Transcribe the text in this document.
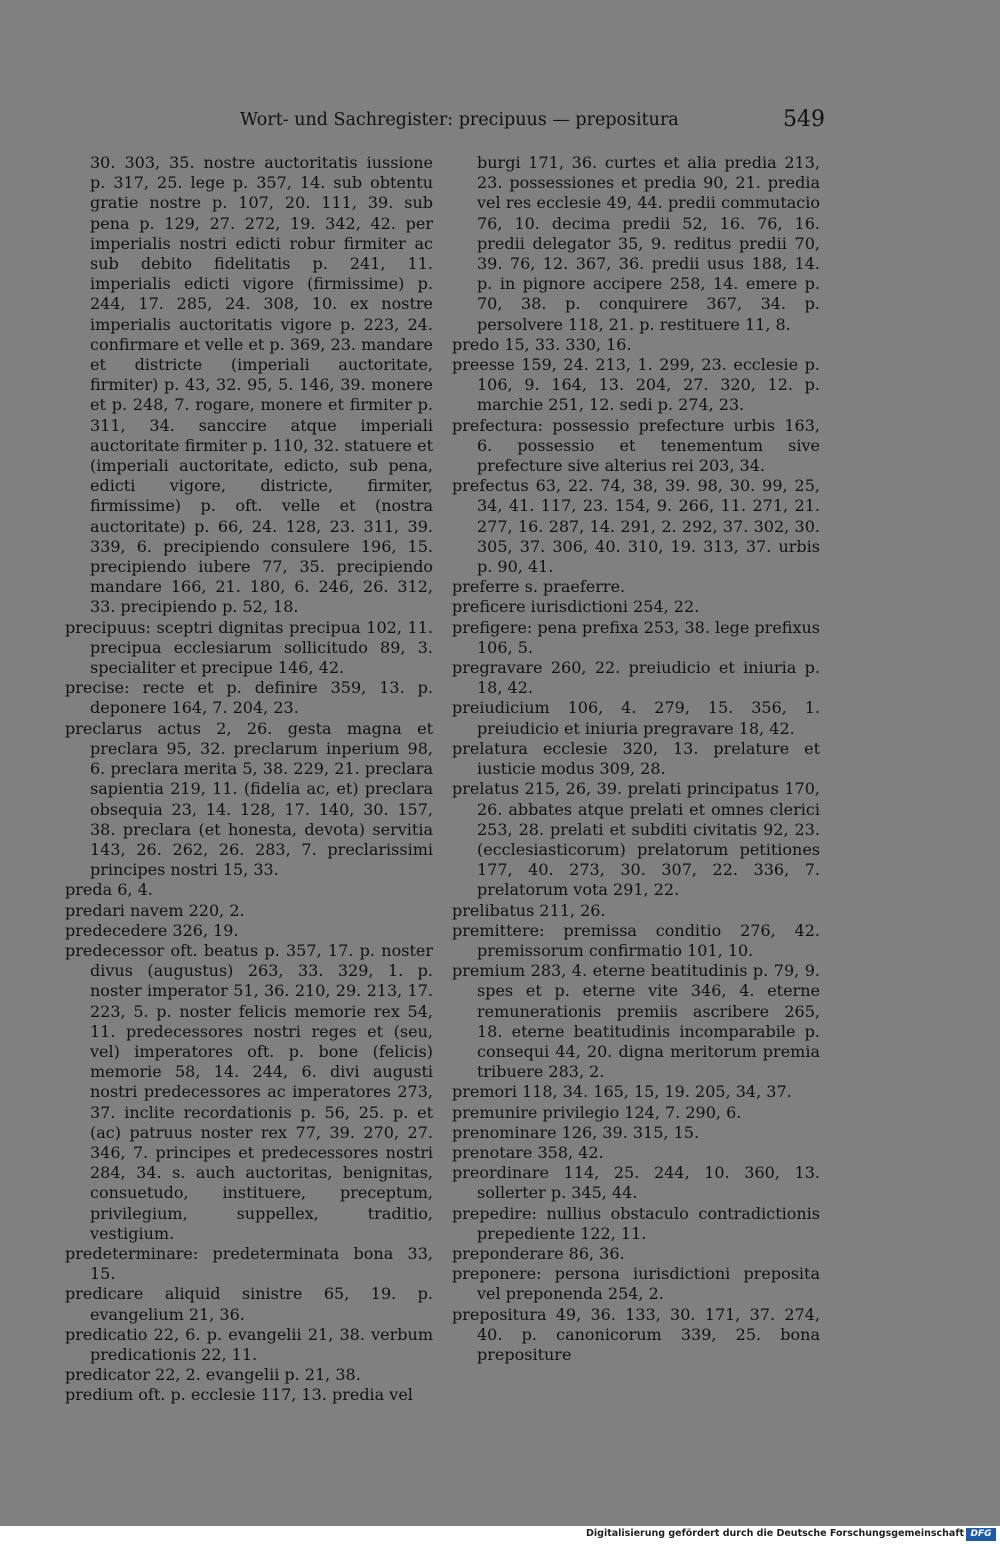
Wort- und Sachregister: precipuus — prepositura	549

30. 303, 35. nostre auctoritatis iussione p. 317, 25. lege p. 357, 14. sub obtentu gratie nostre p. 107, 20. 111, 39. sub pena p. 129, 27. 272, 19. 342, 42. per imperialis nostri edicti robur firmiter ac sub debito fidelitatis p. 241, 11. imperialis edicti vigore (firmissime) p. 244, 17. 285, 24. 308, 10. ex nostre imperialis auctoritatis vigore p. 223, 24. confirmare et velle et p. 369, 23. mandare et districte (imperiali auctoritate, firmiter) p. 43, 32. 95, 5. 146, 39. monere et p. 248, 7. rogare, monere et firmiter p. 311, 34. sanccire atque imperiali auctoritate firmiter p. 110, 32. statuere et (imperiali auctoritate, edicto, sub pena, edicti vigore, districte, firmiter, firmissime) p. oft. velle et (nostra auctoritate) p. 66, 24. 128, 23. 311, 39. 339, 6. precipiendo consulere 196, 15. precipiendo iubere 77, 35. precipiendo mandare 166, 21. 180, 6. 246, 26. 312, 33. precipiendo p. 52, 18.

precipuus: sceptri dignitas precipua 102, 11. precipua ecclesiarum sollicitudo 89, 3. specialiter et precipue 146, 42.

precise: recte et p. definire 359, 13. p. deponere 164, 7. 204, 23.

preclarus actus 2, 26. gesta magna et preclara 95, 32. preclarum inperium 98, 6. preclara merita 5, 38. 229, 21. preclara sapientia 219, 11. (fidelia ac, et) preclara obsequia 23, 14. 128, 17. 140, 30. 157, 38. preclara (et honesta, devota) servitia 143, 26. 262, 26. 283, 7. preclarissimi principes nostri 15, 33.

preda 6, 4.

predari navem 220, 2.

predecedere 326, 19.

predecessor oft. beatus p. 357, 17. p. noster divus (augustus) 263, 33. 329, 1. p. noster imperator 51, 36. 210, 29. 213, 17. 223, 5. p. noster felicis memorie rex 54, 11. predecessores nostri reges et (seu, vel) imperatores oft. p. bone (felicis) memorie 58, 14. 244, 6. divi augusti nostri predecessores ac imperatores 273, 37. inclite recordationis p. 56, 25. p. et (ac) patruus noster rex 77, 39. 270, 27. 346, 7. principes et predecessores nostri 284, 34. s. auch auctoritas, benignitas, consuetudo, instituere, preceptum, privilegium, suppellex, traditio, vestigium.

predeterminare: predeterminata bona 33, 15.

predicare aliquid sinistre 65, 19. p. evangelium 21, 36.

predicatio 22, 6. p. evangelii 21, 38. verbum predicationis 22, 11.

predicator 22, 2. evangelii p. 21, 38.

predium oft. p. ecclesie 117, 13. predia vel

burgi 171, 36. curtes et alia predia 213, 23. possessiones et predia 90, 21. predia vel res ecclesie 49, 44. predii commutacio 76, 10. decima predii 52, 16. 76, 16. predii delegator 35, 9. reditus predii 70, 39. 76, 12. 367, 36. predii usus 188, 14. p. in pignore accipere 258, 14. emere p. 70, 38. p. conquirere 367, 34. p. persolvere 118, 21. p. restituere 11, 8.

predo 15, 33. 330, 16.

preesse 159, 24. 213, 1. 299, 23. ecclesie p. 106, 9. 164, 13. 204, 27. 320, 12. p. marchie 251, 12. sedi p. 274, 23.

prefectura: possessio prefecture urbis 163, 6. possessio et tenementum sive prefecture sive alterius rei 203, 34.

prefectus 63, 22. 74, 38, 39. 98, 30. 99, 25, 34, 41. 117, 23. 154, 9. 266, 11. 271, 21. 277, 16. 287, 14. 291, 2. 292, 37. 302, 30. 305, 37. 306, 40. 310, 19. 313, 37. urbis p. 90, 41.

preferre s. praeferre.

preficere iurisdictioni 254, 22.

prefigere: pena prefixa 253, 38. lege prefixus 106, 5.

pregravare 260, 22. preiudicio et iniuria p. 18, 42.

preiudicium 106, 4. 279, 15. 356, 1. preiudicio et iniuria pregravare 18, 42.

prelatura ecclesie 320, 13. prelature et iusticie modus 309, 28.

prelatus 215, 26, 39. prelati principatus 170, 26. abbates atque prelati et omnes clerici 253, 28. prelati et subditi civitatis 92, 23. (ecclesiasticorum) prelatorum petitiones 177, 40. 273, 30. 307, 22. 336, 7. prelatorum vota 291, 22.

prelibatus 211, 26.

premittere: premissa conditio 276, 42. premissorum confirmatio 101, 10.

premium 283, 4. eterne beatitudinis p. 79, 9. spes et p. eterne vite 346, 4. eterne remunerationis premiis ascribere 265, 18. eterne beatitudinis incomparabile p. consequi 44, 20. digna meritorum premia tribuere 283, 2.

premori 118, 34. 165, 15, 19. 205, 34, 37.

premunire privilegio 124, 7. 290, 6.

prenominare 126, 39. 315, 15.

prenotare 358, 42.

preordinare 114, 25. 244, 10. 360, 13. sollerter p. 345, 44.

prepedire: nullius obstaculo contradictionis prepediente 122, 11.

preponderare 86, 36.

preponere: persona iurisdictioni preposita vel preponenda 254, 2.

prepositura 49, 36. 133, 30. 171, 37. 274, 40. p. canonicorum 339, 25. bona prepositure

Digitalisierung gefördert durch die Deutsche Forschungsgemeinschaft DFG
